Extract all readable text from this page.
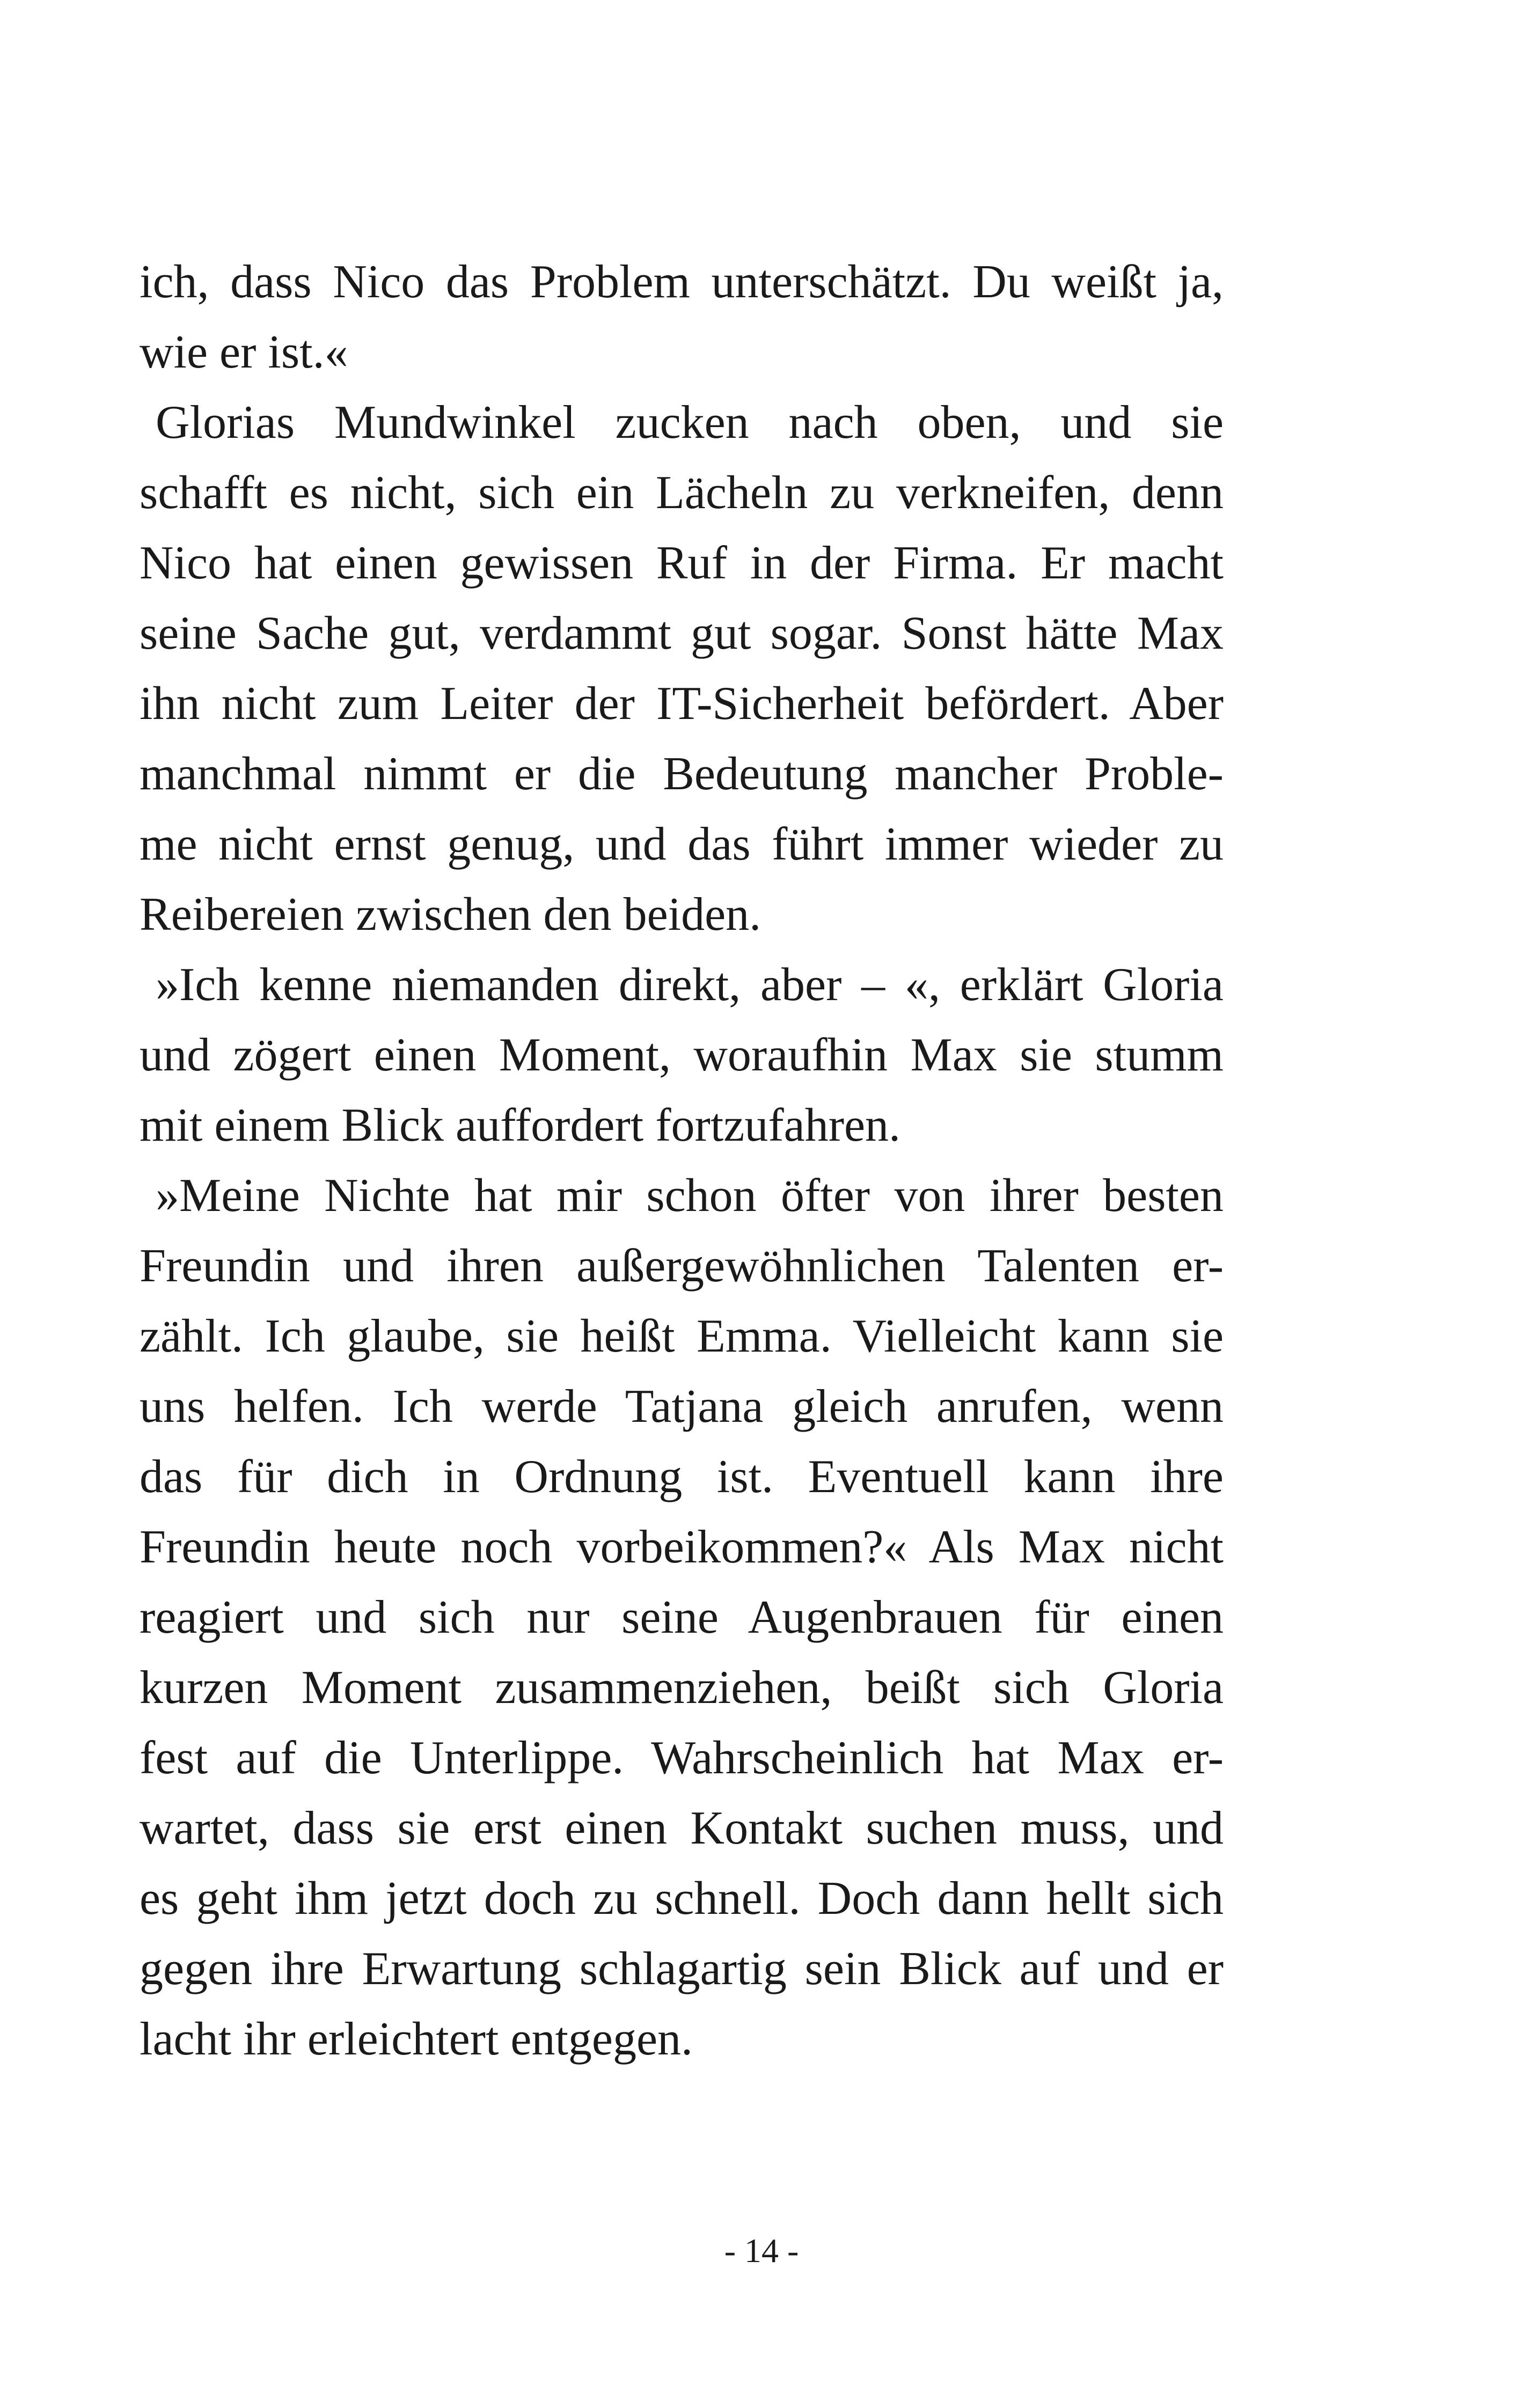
ich, dass Nico das Problem unterschätzt. Du weißt ja,
wie er ist.«
Glorias Mundwinkel zucken nach oben, und sie
schafft es nicht, sich ein Lächeln zu verkneifen, denn
Nico hat einen gewissen Ruf in der Firma. Er macht
seine Sache gut, verdammt gut sogar. Sonst hätte Max
ihn nicht zum Leiter der IT-Sicherheit befördert. Aber
manchmal nimmt er die Bedeutung mancher Proble-
me nicht ernst genug, und das führt immer wieder zu
Reibereien zwischen den beiden.
»Ich kenne niemanden direkt, aber – «, erklärt Gloria
und zögert einen Moment, woraufhin Max sie stumm
mit einem Blick auffordert fortzufahren.
»Meine Nichte hat mir schon öfter von ihrer besten
Freundin und ihren außergewöhnlichen Talenten er-
zählt. Ich glaube, sie heißt Emma. Vielleicht kann sie
uns helfen. Ich werde Tatjana gleich anrufen, wenn
das für dich in Ordnung ist. Eventuell kann ihre
Freundin heute noch vorbeikommen?« Als Max nicht
reagiert und sich nur seine Augenbrauen für einen
kurzen Moment zusammenziehen, beißt sich Gloria
fest auf die Unterlippe. Wahrscheinlich hat Max er-
wartet, dass sie erst einen Kontakt suchen muss, und
es geht ihm jetzt doch zu schnell. Doch dann hellt sich
gegen ihre Erwartung schlagartig sein Blick auf und er
lacht ihr erleichtert entgegen.
- 14 -
